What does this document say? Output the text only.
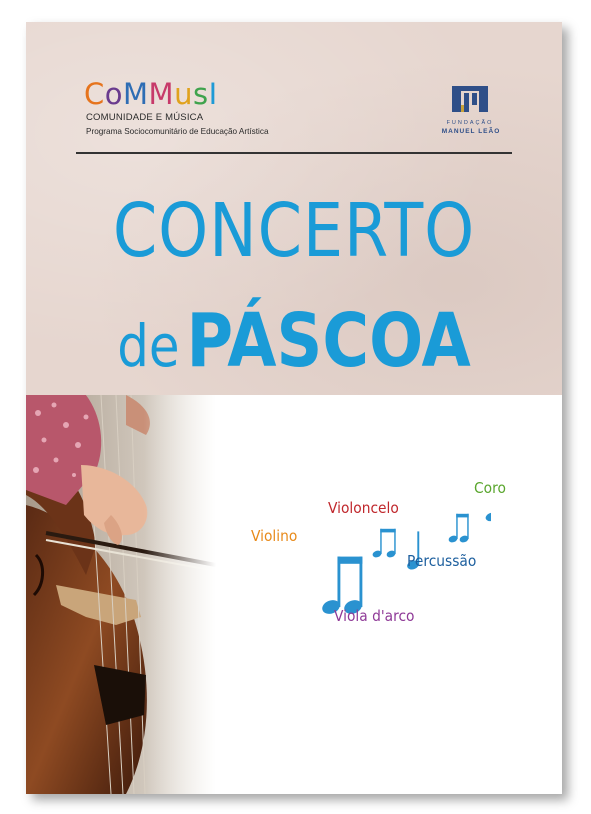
CoMMusI
COMUNIDADE E MÚSICA
Programa Sociocomunitário de Educação Artística
FUNDAÇÃO
MANUEL LEÃO
CONCERTO
dePÁSCOA
Coro
Violoncelo
Violino
Percussão
Viola d'arco
